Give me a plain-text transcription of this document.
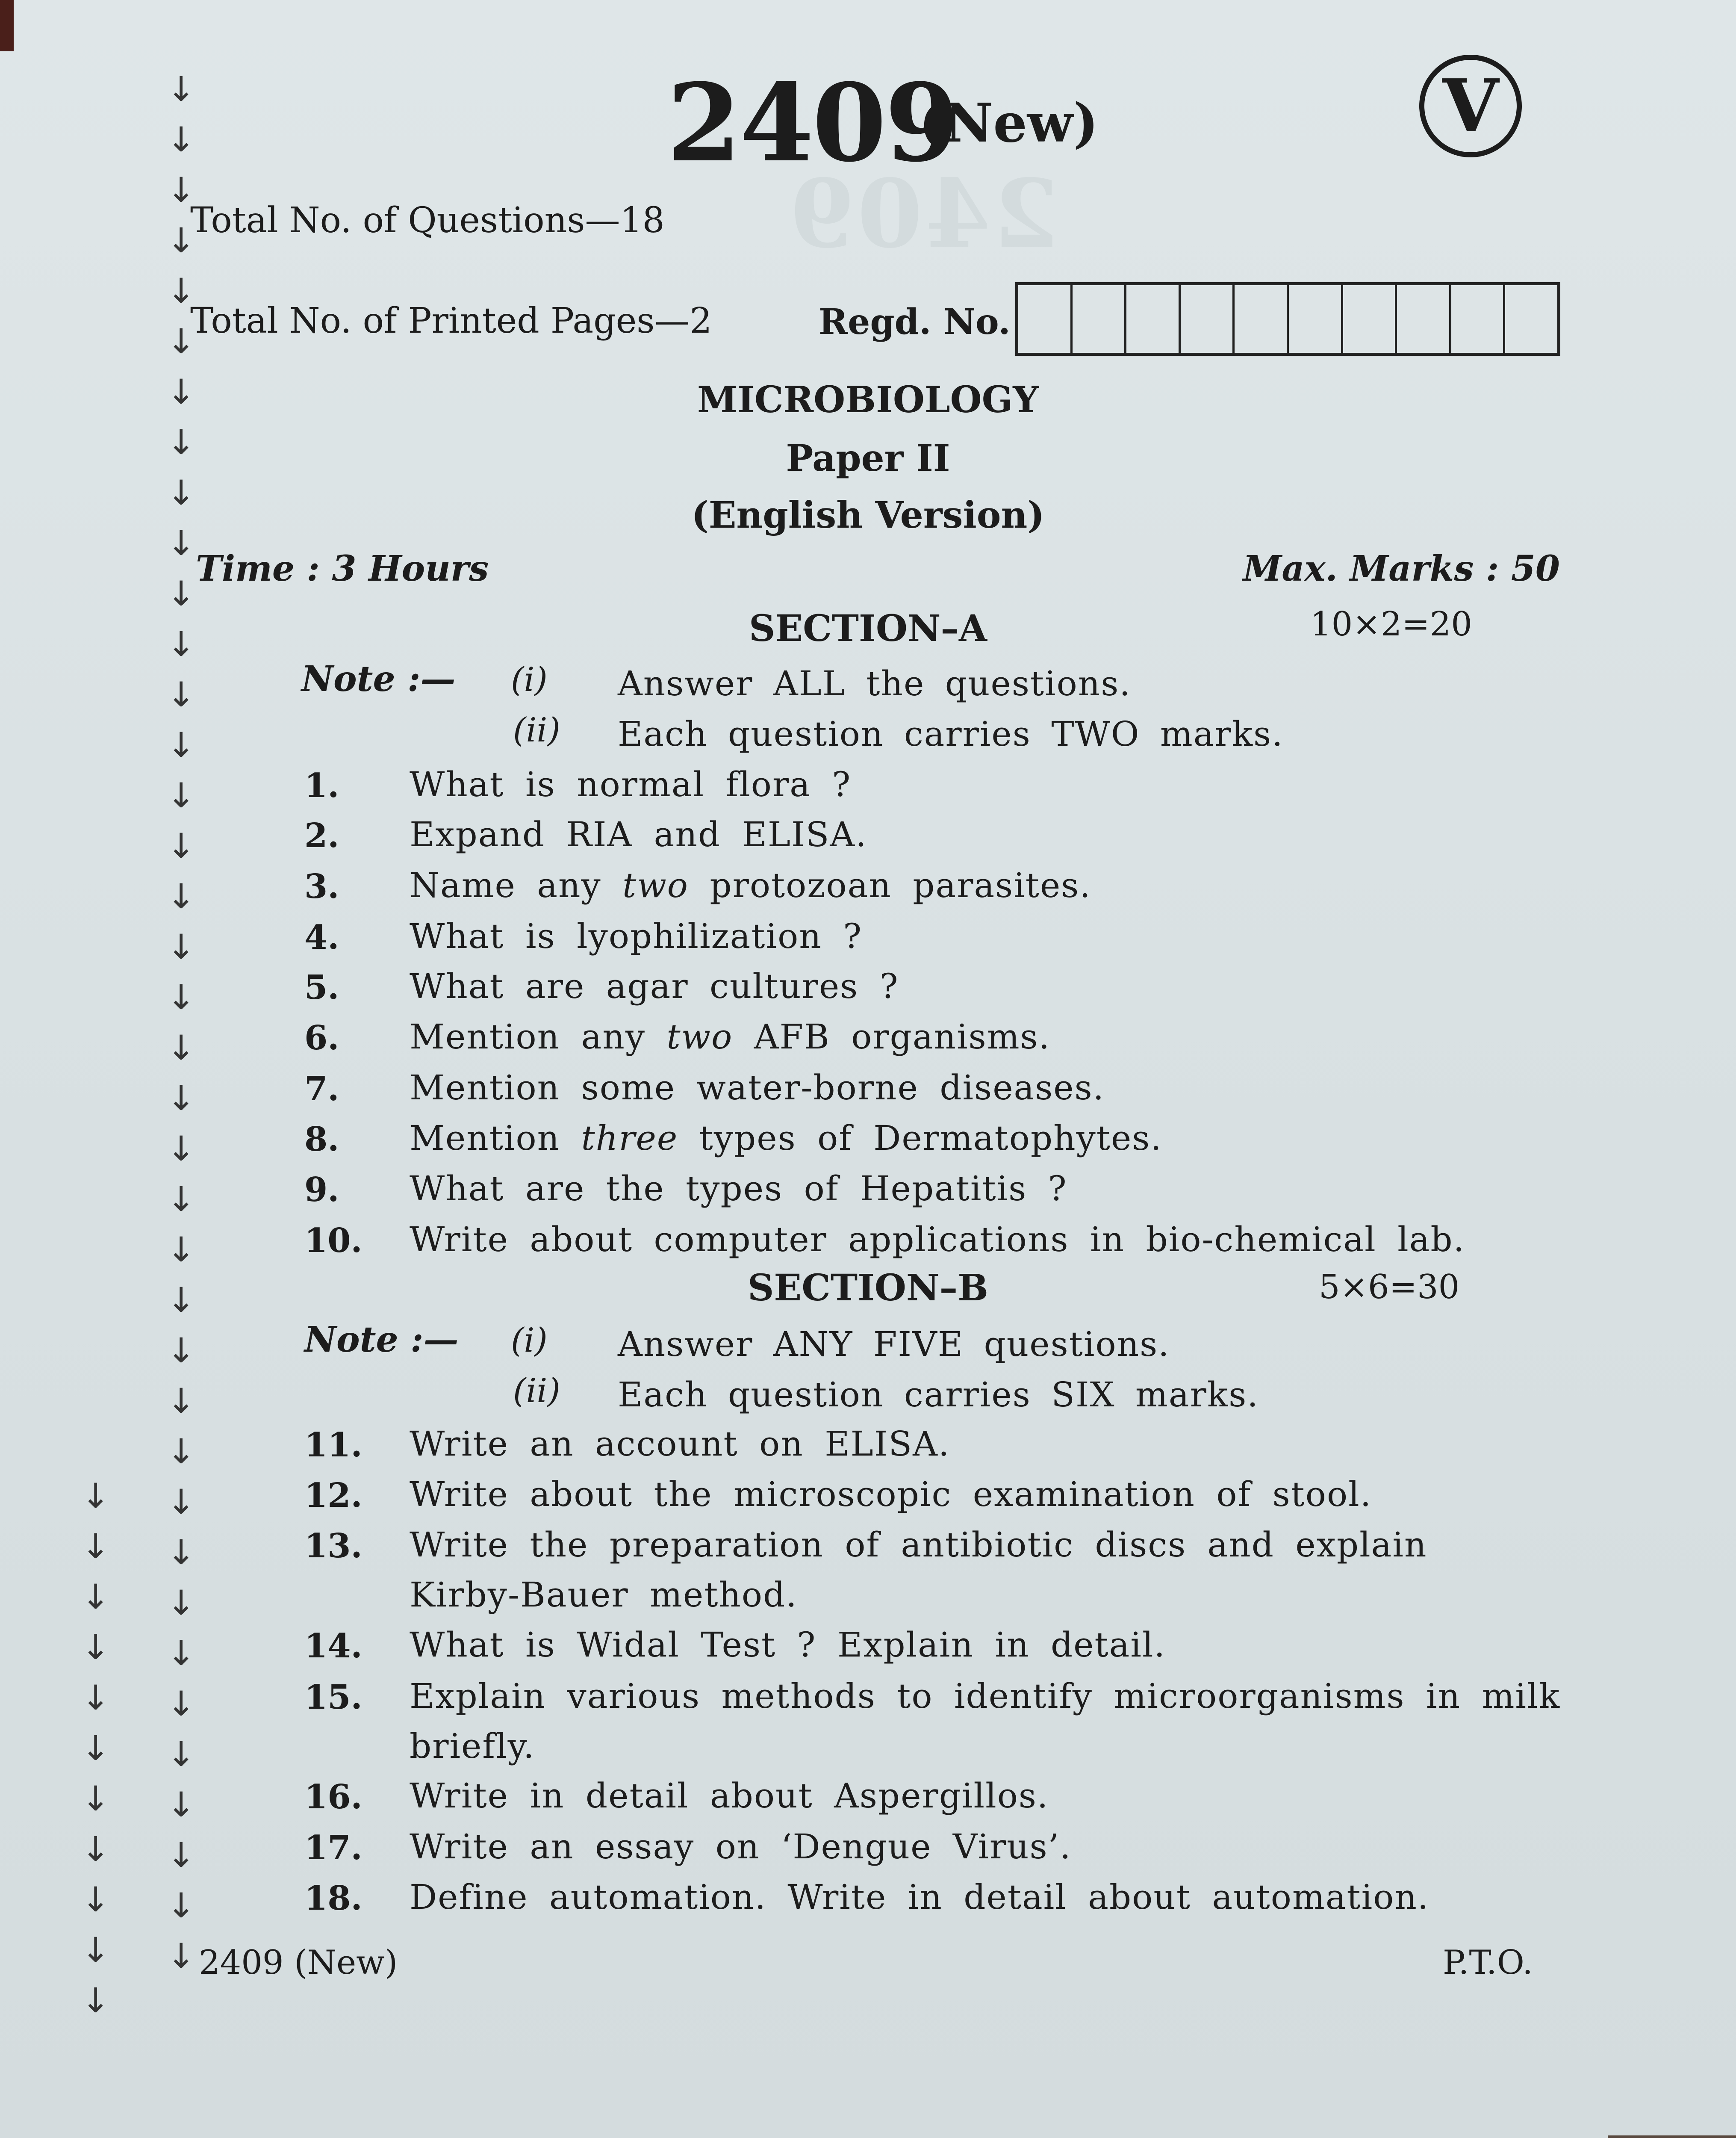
2409
↓
↓
↓
↓
↓
↓
↓
↓
↓
↓
↓
↓
↓
↓
↓
↓
↓
↓
↓
↓
↓
↓
↓
↓
↓
↓
↓
↓
↓
↓
↓
↓
↓
↓
↓
↓
↓
↓
↓
↓
↓
↓
↓
↓
↓
↓
↓
↓
↓
2409
(New)	V
Total No. of Questions—18
Total No. of Printed Pages—2	Regd. No.
MICROBIOLOGY
Paper II
(English Version)
Time : 3 Hours	Max. Marks : 50
SECTION–A	10×2=20
Note :— (i) Answer ALL the questions.
(ii) Each question carries TWO marks.
1. What is normal flora ?
2. Expand RIA and ELISA.
3. Name any two protozoan parasites.
4. What is lyophilization ?
5. What are agar cultures ?
6. Mention any two AFB organisms.
7. Mention some water-borne diseases.
8. Mention three types of Dermatophytes.
9. What are the types of Hepatitis ?
10. Write about computer applications in bio-chemical lab.
SECTION–B	5×6=30
Note :— (i) Answer ANY FIVE questions.
(ii) Each question carries SIX marks.
11. Write an account on ELISA.
12. Write about the microscopic examination of stool.
13. Write the preparation of antibiotic discs and explain
Kirby-Bauer method.
14. What is Widal Test ? Explain in detail.
15. Explain various methods to identify microorganisms in milk
briefly.
16. Write in detail about Aspergillos.
17. Write an essay on ‘Dengue Virus’.
18. Define automation. Write in detail about automation.
2409 (New)	P.T.O.
